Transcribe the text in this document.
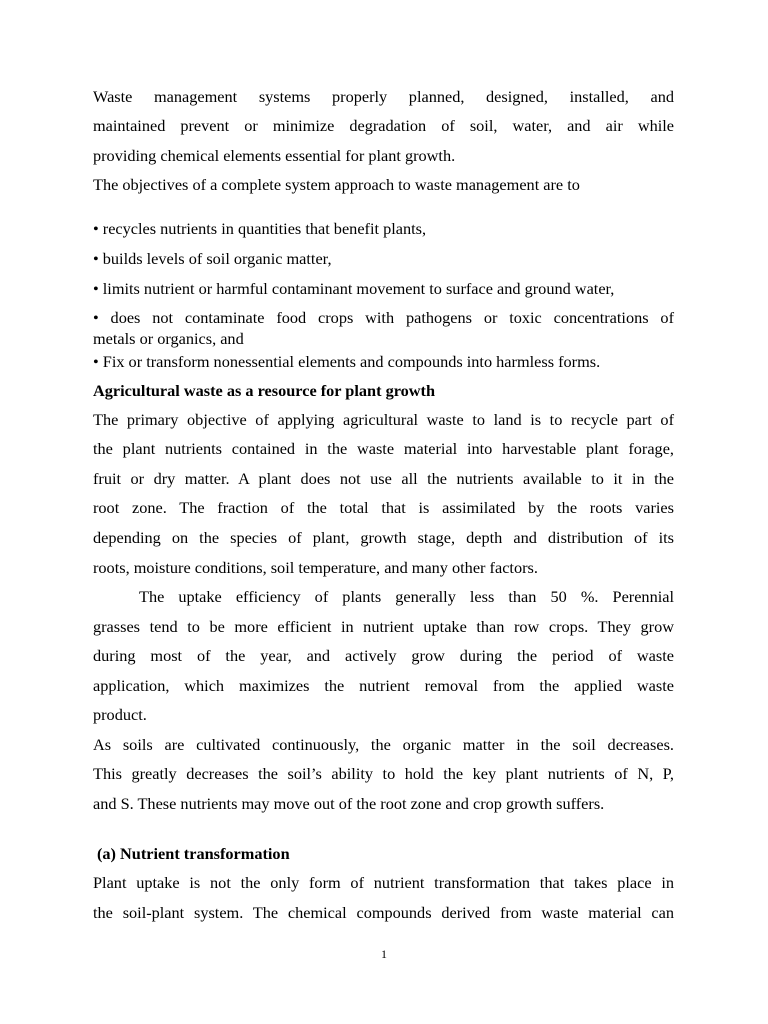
Waste management systems properly planned, designed, installed, and
maintained prevent or minimize degradation of soil, water, and air while
providing chemical elements essential for plant growth.
The objectives of a complete system approach to waste management are to
• recycles nutrients in quantities that benefit plants,
• builds levels of soil organic matter,
• limits nutrient or harmful contaminant movement to surface and ground water,
• does not contaminate food crops with pathogens or toxic concentrations of
metals or organics, and
• Fix or transform nonessential elements and compounds into harmless forms.
Agricultural waste as a resource for plant growth
The primary objective of applying agricultural waste to land is to recycle part of
the plant nutrients contained in the waste material into harvestable plant forage,
fruit or dry matter. A plant does not use all the nutrients available to it in the
root zone. The fraction of the total that is assimilated by the roots varies
depending on the species of plant, growth stage, depth and distribution of its
roots, moisture conditions, soil temperature, and many other factors.
The uptake efficiency of plants generally less than 50 %. Perennial
grasses tend to be more efficient in nutrient uptake than row crops. They grow
during most of the year, and actively grow during the period of waste
application, which maximizes the nutrient removal from the applied waste
product.
As soils are cultivated continuously, the organic matter in the soil decreases.
This greatly decreases the soil’s ability to hold the key plant nutrients of N, P,
and S. These nutrients may move out of the root zone and crop growth suffers.
(a) Nutrient transformation
Plant uptake is not the only form of nutrient transformation that takes place in
the soil-plant system. The chemical compounds derived from waste material can
1
